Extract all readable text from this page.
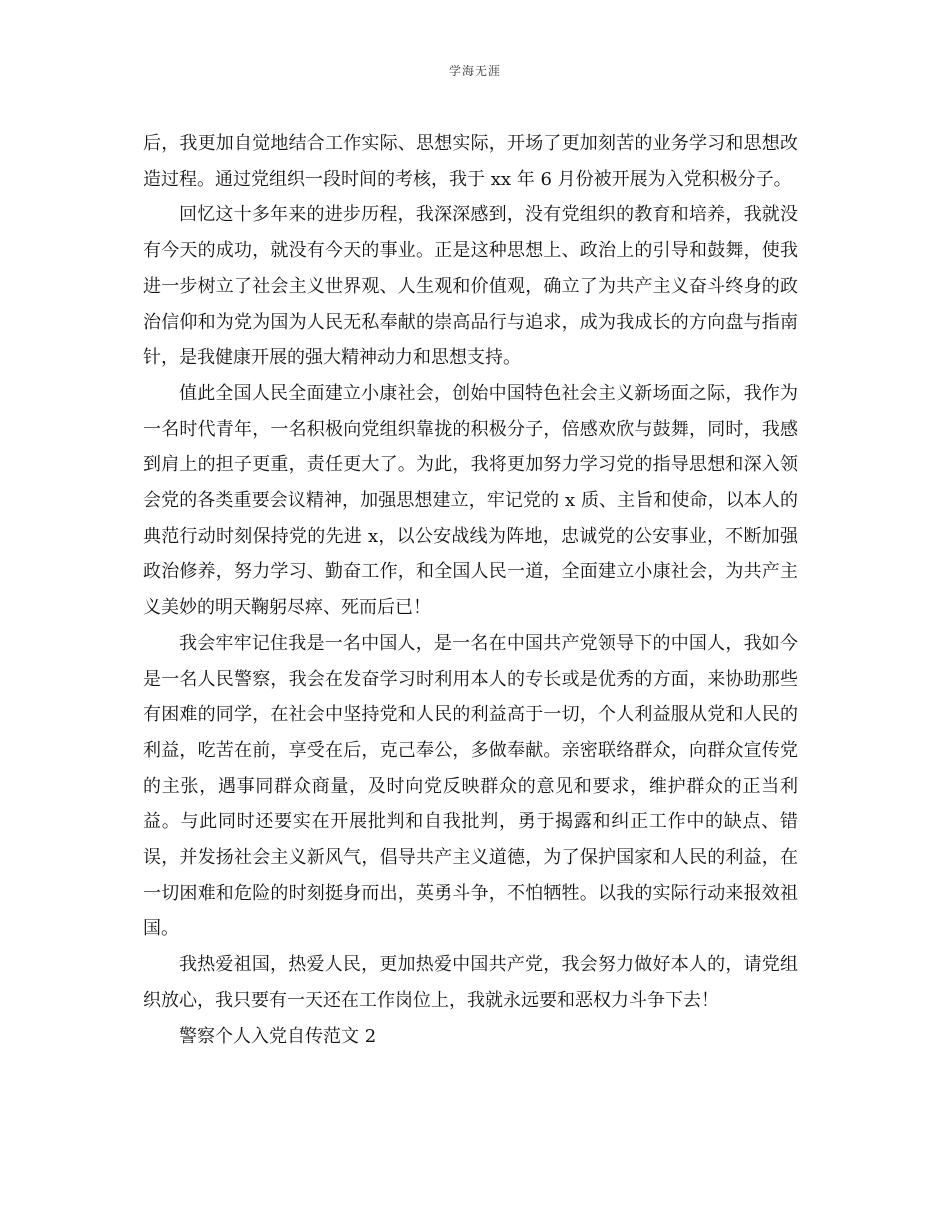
学海无涯

后，我更加自觉地结合工作实际、思想实际，开场了更加刻苦的业务学习和思想改造过程。通过党组织一段时间的考核，我于 xx 年 6 月份被开展为入党积极分子。

回忆这十多年来的进步历程，我深深感到，没有党组织的教育和培养，我就没有今天的成功，就没有今天的事业。正是这种思想上、政治上的引导和鼓舞，使我进一步树立了社会主义世界观、人生观和价值观，确立了为共产主义奋斗终身的政治信仰和为党为国为人民无私奉献的崇高品行与追求，成为我成长的方向盘与指南针，是我健康开展的强大精神动力和思想支持。

值此全国人民全面建立小康社会，创始中国特色社会主义新场面之际，我作为一名时代青年，一名积极向党组织靠拢的积极分子，倍感欢欣与鼓舞，同时，我感到肩上的担子更重，责任更大了。为此，我将更加努力学习党的指导思想和深入领会党的各类重要会议精神，加强思想建立，牢记党的 x 质、主旨和使命，以本人的典范行动时刻保持党的先进 x，以公安战线为阵地，忠诚党的公安事业，不断加强政治修养，努力学习、勤奋工作，和全国人民一道，全面建立小康社会，为共产主义美妙的明天鞠躬尽瘁、死而后已！

我会牢牢记住我是一名中国人，是一名在中国共产党领导下的中国人，我如今是一名人民警察，我会在发奋学习时利用本人的专长或是优秀的方面，来协助那些有困难的同学，在社会中坚持党和人民的利益高于一切，个人利益服从党和人民的利益，吃苦在前，享受在后，克己奉公，多做奉献。亲密联络群众，向群众宣传党的主张，遇事同群众商量，及时向党反映群众的意见和要求，维护群众的正当利益。与此同时还要实在开展批判和自我批判，勇于揭露和纠正工作中的缺点、错误，并发扬社会主义新风气，倡导共产主义道德，为了保护国家和人民的利益，在一切困难和危险的时刻挺身而出，英勇斗争，不怕牺牲。以我的实际行动来报效祖国。

我热爱祖国，热爱人民，更加热爱中国共产党，我会努力做好本人的，请党组织放心，我只要有一天还在工作岗位上，我就永远要和恶权力斗争下去！

警察个人入党自传范文 2
